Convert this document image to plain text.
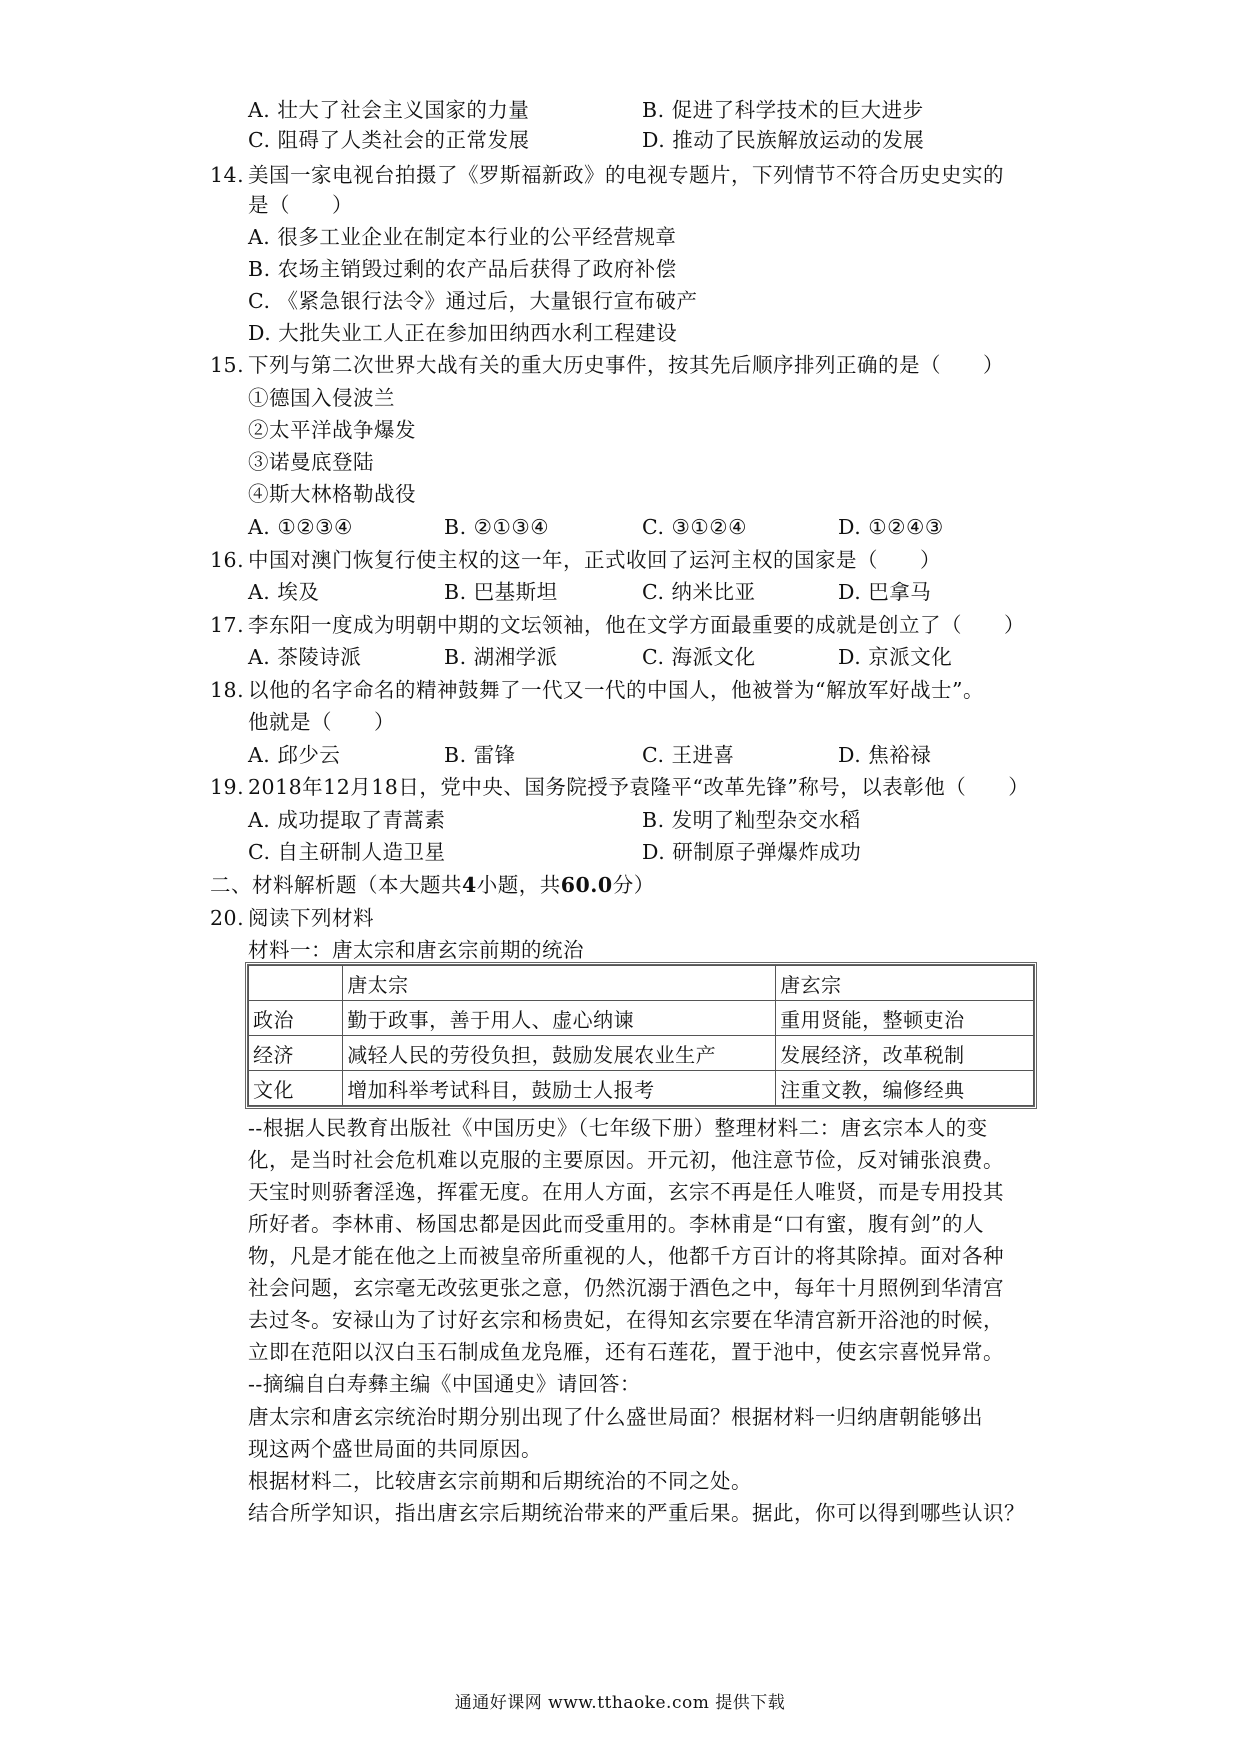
A. 壮大了社会主义国家的力量	B. 促进了科学技术的巨大进步
C. 阻碍了人类社会的正常发展	D. 推动了民族解放运动的发展
14. 美国一家电视台拍摄了《罗斯福新政》的电视专题片，下列情节不符合历史史实的
是（　　）
A. 很多工业企业在制定本行业的公平经营规章
B. 农场主销毁过剩的农产品后获得了政府补偿
C. 《紧急银行法令》通过后，大量银行宣布破产
D. 大批失业工人正在参加田纳西水利工程建设
15. 下列与第二次世界大战有关的重大历史事件，按其先后顺序排列正确的是（　　）
①德国入侵波兰
②太平洋战争爆发
③诺曼底登陆
④斯大林格勒战役
A. ①②③④	B. ②①③④	C. ③①②④	D. ①②④③
16. 中国对澳门恢复行使主权的这一年，正式收回了运河主权的国家是（　　）
A. 埃及	B. 巴基斯坦	C. 纳米比亚	D. 巴拿马
17. 李东阳一度成为明朝中期的文坛领袖，他在文学方面最重要的成就是创立了（　　）
A. 茶陵诗派	B. 湖湘学派	C. 海派文化	D. 京派文化
18. 以他的名字命名的精神鼓舞了一代又一代的中国人，他被誉为“解放军好战士”。
他就是（　　）
A. 邱少云	B. 雷锋	C. 王进喜	D. 焦裕禄
19. 2018年12月18日，党中央、国务院授予袁隆平“改革先锋”称号，以表彰他（　　）
A. 成功提取了青蒿素	B. 发明了籼型杂交水稻
C. 自主研制人造卫星	D. 研制原子弹爆炸成功
二、材料解析题（本大题共4小题，共60.0分）
20. 阅读下列材料
材料一：唐太宗和唐玄宗前期的统治
	唐太宗	唐玄宗
政治	勤于政事，善于用人、虚心纳谏	重用贤能，整顿吏治
经济	减轻人民的劳役负担，鼓励发展农业生产	发展经济，改革税制
文化	增加科举考试科目，鼓励士人报考	注重文教，编修经典
--根据人民教育出版社《中国历史》（七年级下册）整理材料二：唐玄宗本人的变
化，是当时社会危机难以克服的主要原因。开元初，他注意节俭，反对铺张浪费。
天宝时则骄奢淫逸，挥霍无度。在用人方面，玄宗不再是任人唯贤，而是专用投其
所好者。李林甫、杨国忠都是因此而受重用的。李林甫是“口有蜜，腹有剑”的人
物，凡是才能在他之上而被皇帝所重视的人，他都千方百计的将其除掉。面对各种
社会问题，玄宗毫无改弦更张之意，仍然沉溺于酒色之中，每年十月照例到华清宫
去过冬。安禄山为了讨好玄宗和杨贵妃，在得知玄宗要在华清宫新开浴池的时候，
立即在范阳以汉白玉石制成鱼龙凫雁，还有石莲花，置于池中，使玄宗喜悦异常。
--摘编自白寿彝主编《中国通史》请回答：
唐太宗和唐玄宗统治时期分别出现了什么盛世局面？根据材料一归纳唐朝能够出
现这两个盛世局面的共同原因。
根据材料二，比较唐玄宗前期和后期统治的不同之处。
结合所学知识，指出唐玄宗后期统治带来的严重后果。据此，你可以得到哪些认识？
通通好课网 www.tthaoke.com 提供下载
